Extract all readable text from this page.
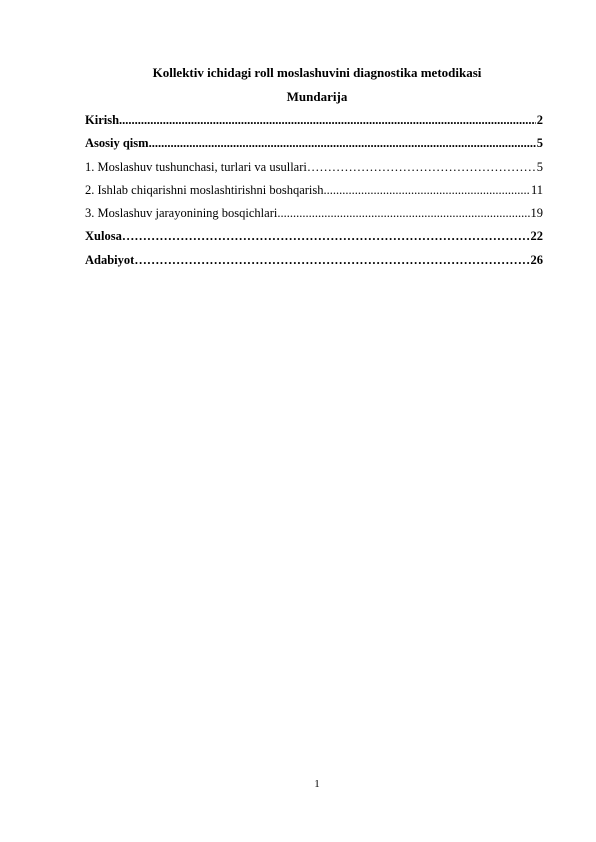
Kollektiv ichidagi roll moslashuvini diagnostika metodikasi
Mundarija
Kirish .....	2
Asosiy qism .....	5
1. Moslashuv tushunchasi, turlari va usullari ……………………………………………………………………………………………………………………………………………………………………………………	5
2. Ishlab chiqarishni moslashtirishni boshqarish .....	11
3. Moslashuv jarayonining bosqichlari .....	19
Xulosa ……………………………………………………………………………………………………………………………………………………………………………………	22
Adabiyot ……………………………………………………………………………………………………………………………………………………………………………………	26
1
